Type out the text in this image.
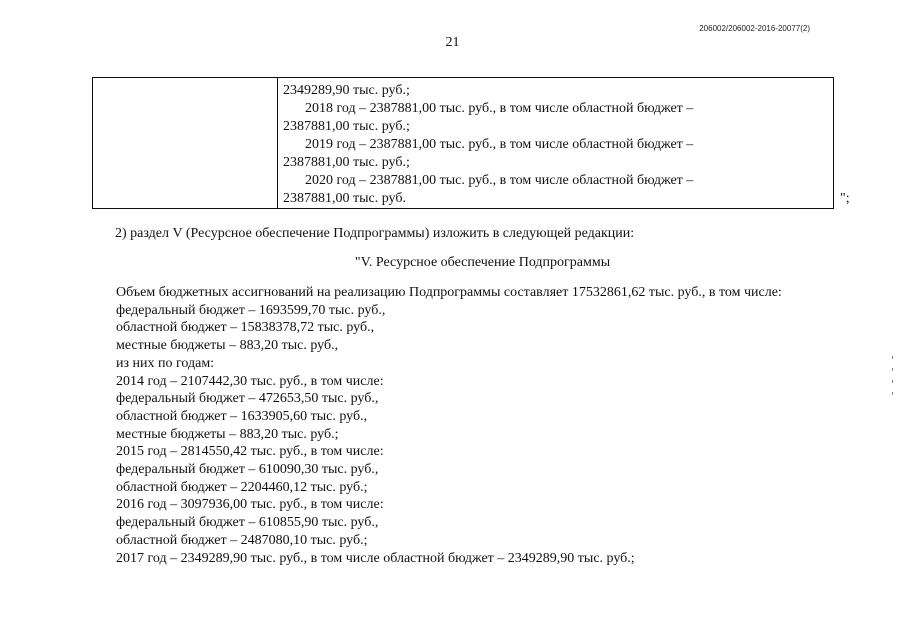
206002/206002-2016-20077(2)
21
2349289,90 тыс. руб.;
2018 год – 2387881,00 тыс. руб., в том числе областной бюджет –
2387881,00 тыс. руб.;
2019 год – 2387881,00 тыс. руб., в том числе областной бюджет –
2387881,00 тыс. руб.;
2020 год – 2387881,00 тыс. руб., в том числе областной бюджет –
2387881,00 тыс. руб.	";
2) раздел V (Ресурсное обеспечение Подпрограммы) изложить в следующей редакции:
"V. Ресурсное обеспечение Подпрограммы
Объем бюджетных ассигнований на реализацию Подпрограммы составляет 17532861,62 тыс. руб., в том числе:
федеральный бюджет – 1693599,70 тыс. руб.,
областной бюджет – 15838378,72 тыс. руб.,
местные бюджеты – 883,20 тыс. руб.,
из них по годам:
2014 год – 2107442,30 тыс. руб., в том числе:
федеральный бюджет – 472653,50 тыс. руб.,
областной бюджет – 1633905,60 тыс. руб.,
местные бюджеты – 883,20 тыс. руб.;
2015 год – 2814550,42 тыс. руб., в том числе:
федеральный бюджет – 610090,30 тыс. руб.,
областной бюджет – 2204460,12 тыс. руб.;
2016 год – 3097936,00 тыс. руб., в том числе:
федеральный бюджет – 610855,90 тыс. руб.,
областной бюджет – 2487080,10 тыс. руб.;
2017 год – 2349289,90 тыс. руб., в том числе областной бюджет – 2349289,90 тыс. руб.;
